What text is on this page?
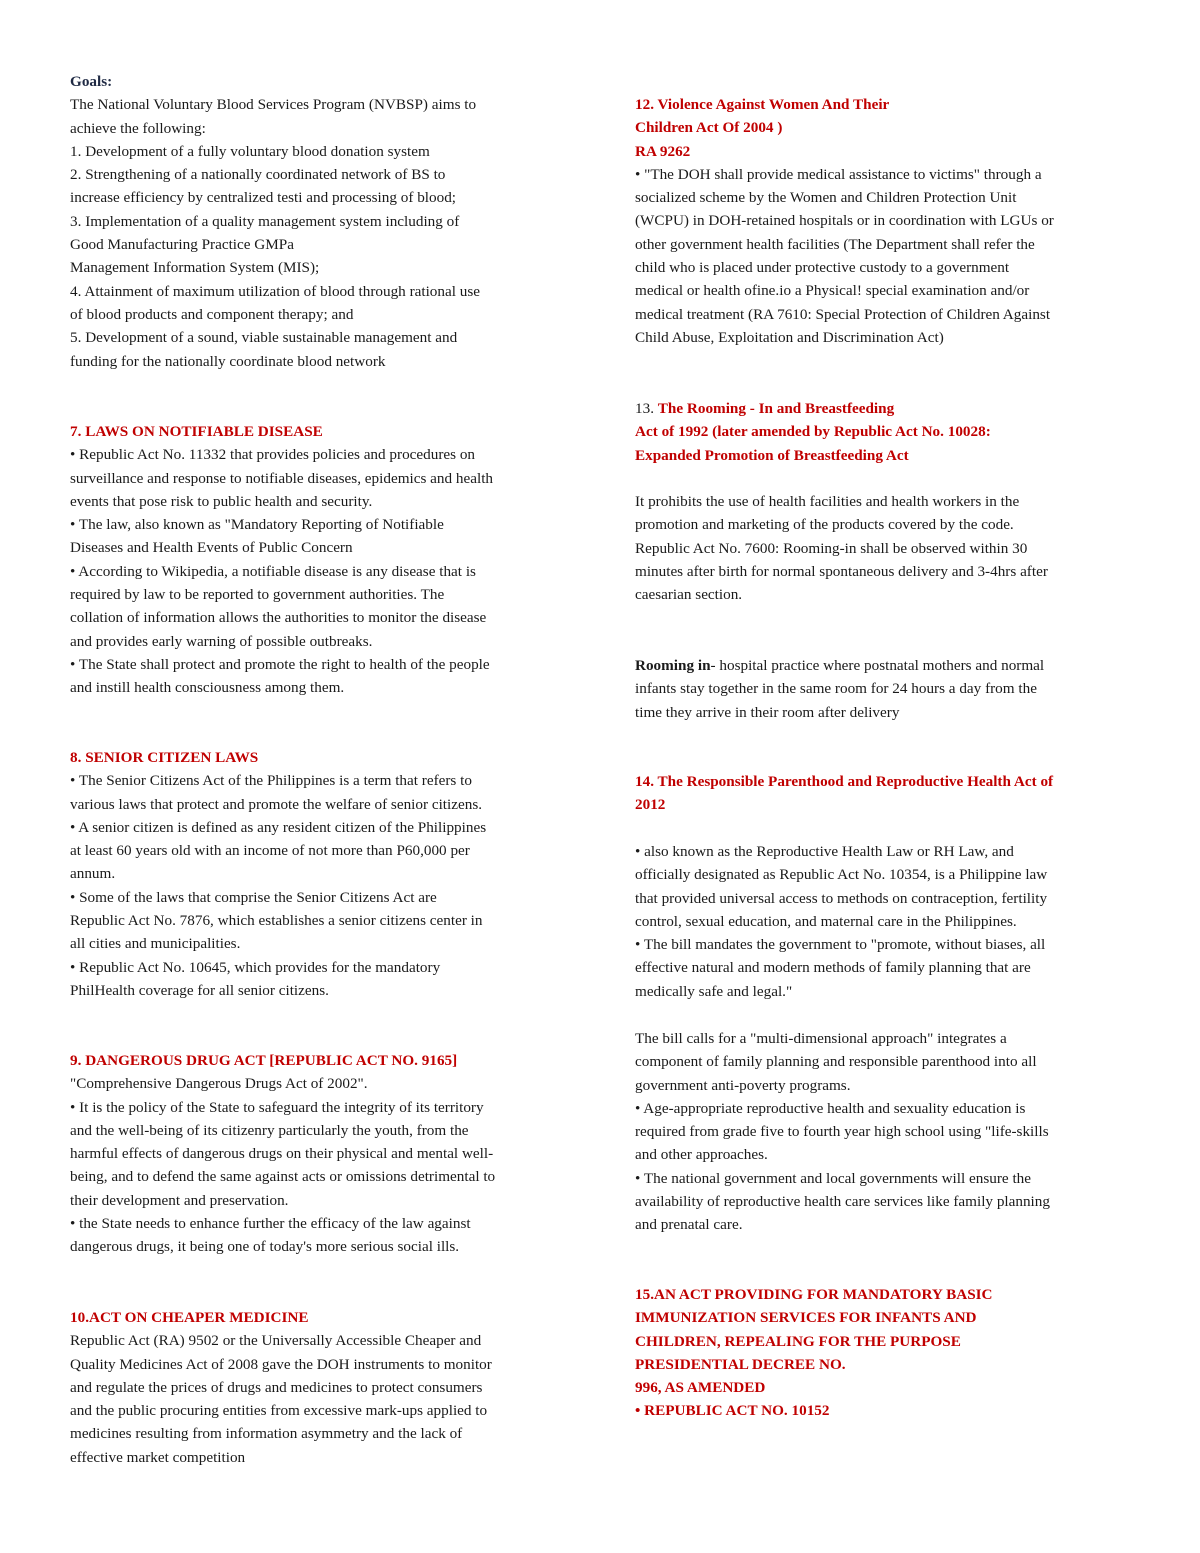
Goals:
The National Voluntary Blood Services Program (NVBSP) aims to
achieve the following:
1. Development of a fully voluntary blood donation system
2. Strengthening of a nationally coordinated network of BS to
increase efficiency by centralized testi and processing of blood;
3. Implementation of a quality management system including of
Good Manufacturing Practice GMPa
Management Information System (MIS);
4. Attainment of maximum utilization of blood through rational use
of blood products and component therapy; and
5. Development of a sound, viable sustainable management and
funding for the nationally coordinate blood network
7. LAWS ON NOTIFIABLE DISEASE
• Republic Act No. 11332 that provides policies and procedures on
surveillance and response to notifiable diseases, epidemics and health
events that pose risk to public health and security.
• The law, also known as "Mandatory Reporting of Notifiable
Diseases and Health Events of Public Concern
• According to Wikipedia, a notifiable disease is any disease that is
required by law to be reported to government authorities. The
collation of information allows the authorities to monitor the disease
and provides early warning of possible outbreaks.
• The State shall protect and promote the right to health of the people
and instill health consciousness among them.
8. SENIOR CITIZEN LAWS
• The Senior Citizens Act of the Philippines is a term that refers to
various laws that protect and promote the welfare of senior citizens.
• A senior citizen is defined as any resident citizen of the Philippines
at least 60 years old with an income of not more than P60,000 per
annum.
• Some of the laws that comprise the Senior Citizens Act are
Republic Act No. 7876, which establishes a senior citizens center in
all cities and municipalities.
• Republic Act No. 10645, which provides for the mandatory
PhilHealth coverage for all senior citizens.
9. DANGEROUS DRUG ACT [REPUBLIC ACT NO. 9165]
"Comprehensive Dangerous Drugs Act of 2002".
• It is the policy of the State to safeguard the integrity of its territory
and the well-being of its citizenry particularly the youth, from the
harmful effects of dangerous drugs on their physical and mental well-
being, and to defend the same against acts or omissions detrimental to
their development and preservation.
• the State needs to enhance further the efficacy of the law against
dangerous drugs, it being one of today's more serious social ills.
10.ACT ON CHEAPER MEDICINE
Republic Act (RA) 9502 or the Universally Accessible Cheaper and
Quality Medicines Act of 2008 gave the DOH instruments to monitor
and regulate the prices of drugs and medicines to protect consumers
and the public procuring entities from excessive mark-ups applied to
medicines resulting from information asymmetry and the lack of
effective market competition
12. Violence Against Women And Their
Children Act Of 2004 )
RA 9262
• "The DOH shall provide medical assistance to victims" through a
socialized scheme by the Women and Children Protection Unit
(WCPU) in DOH-retained hospitals or in coordination with LGUs or
other government health facilities (The Department shall refer the
child who is placed under protective custody to a government
medical or health ofine.io a Physical! special examination and/or
medical treatment (RA 7610: Special Protection of Children Against
Child Abuse, Exploitation and Discrimination Act)
13. The Rooming - In and Breastfeeding
Act of 1992 (later amended by Republic Act No. 10028:
Expanded Promotion of Breastfeeding Act
It prohibits the use of health facilities and health workers in the
promotion and marketing of the products covered by the code.
Republic Act No. 7600: Rooming-in shall be observed within 30
minutes after birth for normal spontaneous delivery and 3-4hrs after
caesarian section.
Rooming in- hospital practice where postnatal mothers and normal
infants stay together in the same room for 24 hours a day from the
time they arrive in their room after delivery
14. The Responsible Parenthood and Reproductive Health Act of
2012
• also known as the Reproductive Health Law or RH Law, and
officially designated as Republic Act No. 10354, is a Philippine law
that provided universal access to methods on contraception, fertility
control, sexual education, and maternal care in the Philippines.
• The bill mandates the government to "promote, without biases, all
effective natural and modern methods of family planning that are
medically safe and legal."
The bill calls for a "multi-dimensional approach" integrates a
component of family planning and responsible parenthood into all
government anti-poverty programs.
• Age-appropriate reproductive health and sexuality education is
required from grade five to fourth year high school using "life-skills
and other approaches.
• The national government and local governments will ensure the
availability of reproductive health care services like family planning
and prenatal care.
15.AN ACT PROVIDING FOR MANDATORY BASIC
IMMUNIZATION SERVICES FOR INFANTS AND
CHILDREN, REPEALING FOR THE PURPOSE
PRESIDENTIAL DECREE NO.
996, AS AMENDED
• REPUBLIC ACT NO. 10152
